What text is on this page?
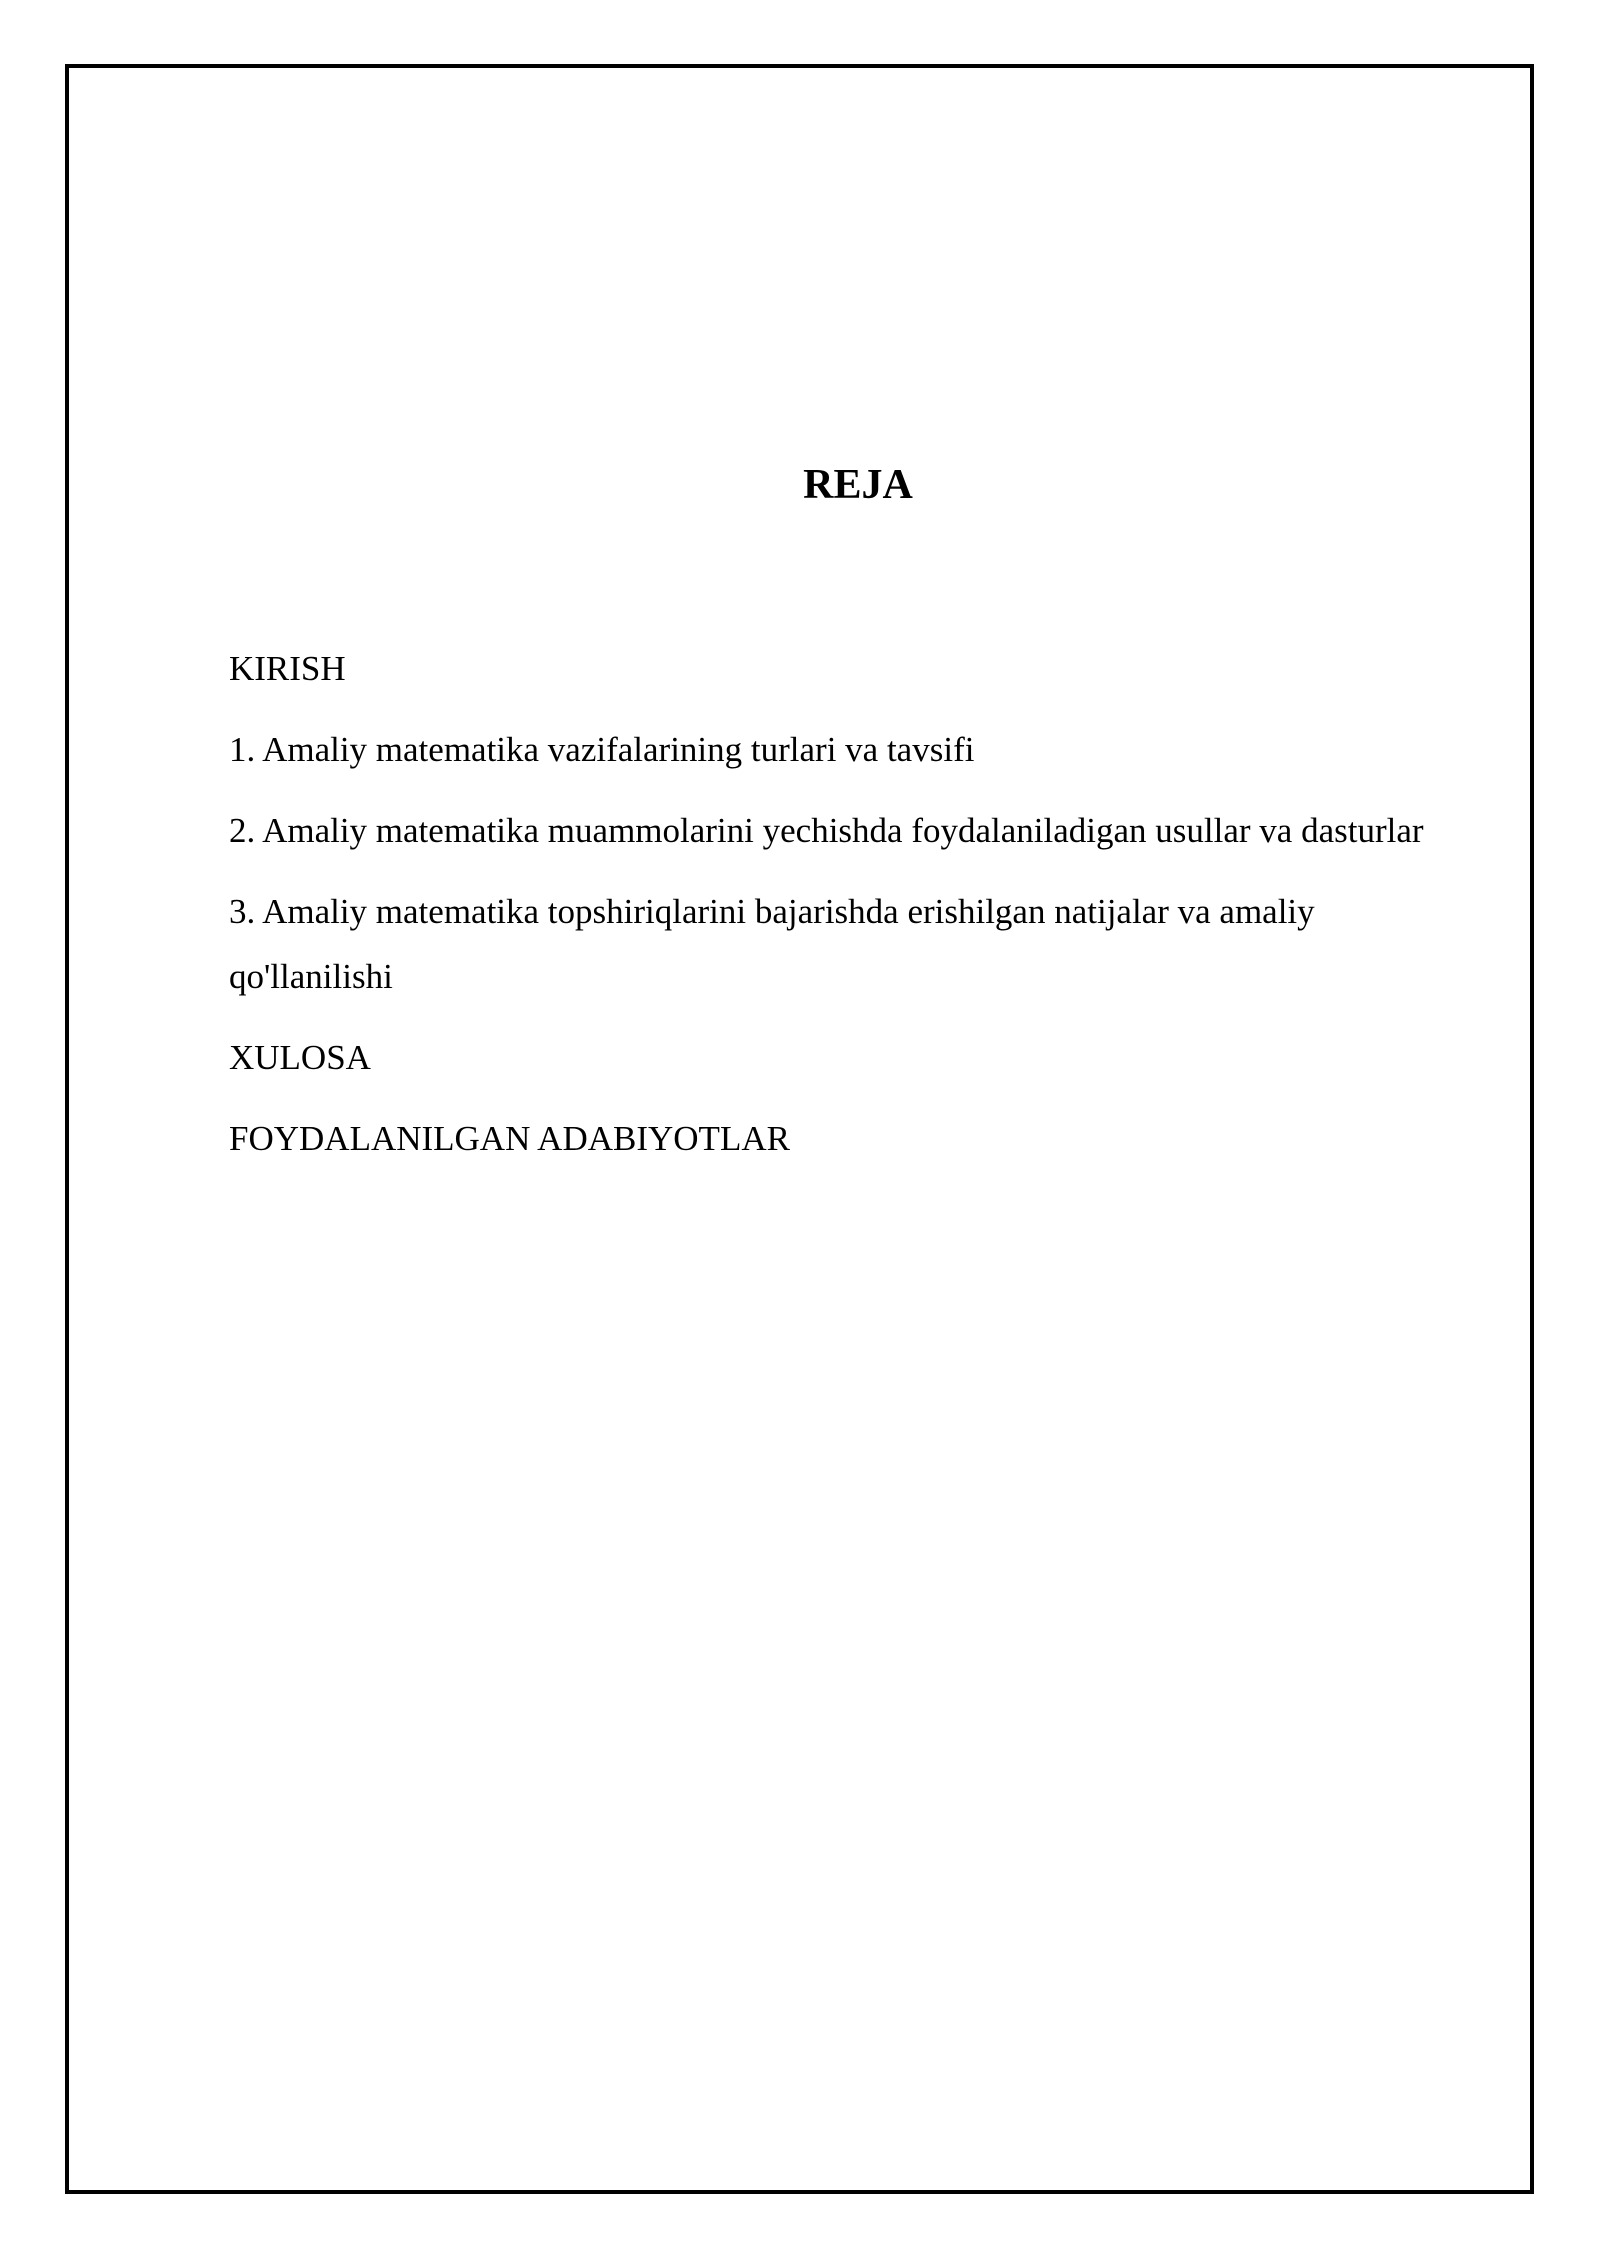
REJA
KIRISH
1. Amaliy matematika vazifalarining turlari va tavsifi
2. Amaliy matematika muammolarini yechishda foydalaniladigan usullar va dasturlar
3. Amaliy matematika topshiriqlarini bajarishda erishilgan natijalar va amaliy qo'llanilishi
XULOSA
FOYDALANILGAN ADABIYOTLAR
